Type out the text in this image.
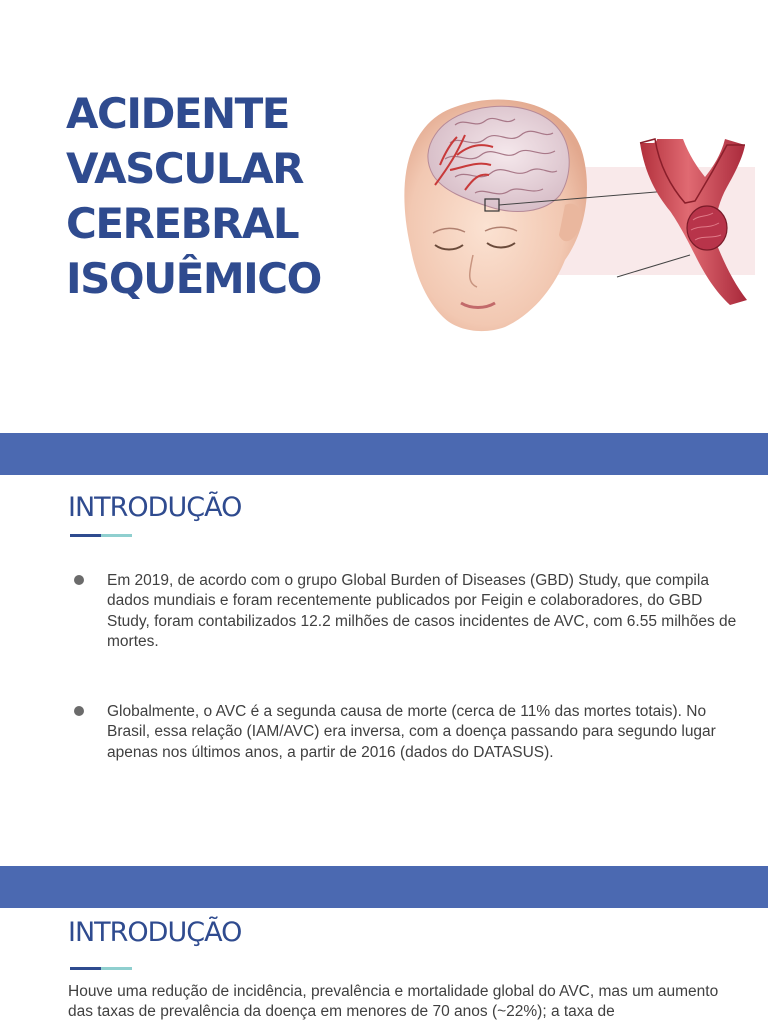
ACIDENTE
VASCULAR
CEREBRAL
ISQUÊMICO
INTRODUÇÃO
Em 2019, de acordo com o grupo Global Burden of Diseases (GBD) Study, que compila dados mundiais e foram recentemente publicados por Feigin e colaboradores, do GBD Study, foram contabilizados 12.2 milhões de casos incidentes de AVC, com 6.55 milhões de mortes.
Globalmente, o AVC é a segunda causa de morte (cerca de 11% das mortes totais). No Brasil, essa relação (IAM/AVC) era inversa, com a doença passando para segundo lugar apenas nos últimos anos, a partir de 2016 (dados do DATASUS).
INTRODUÇÃO

Houve uma redução de incidência, prevalência e mortalidade global do AVC, mas um aumento das taxas de prevalência da doença em menores de 70 anos (~22%); a taxa de
